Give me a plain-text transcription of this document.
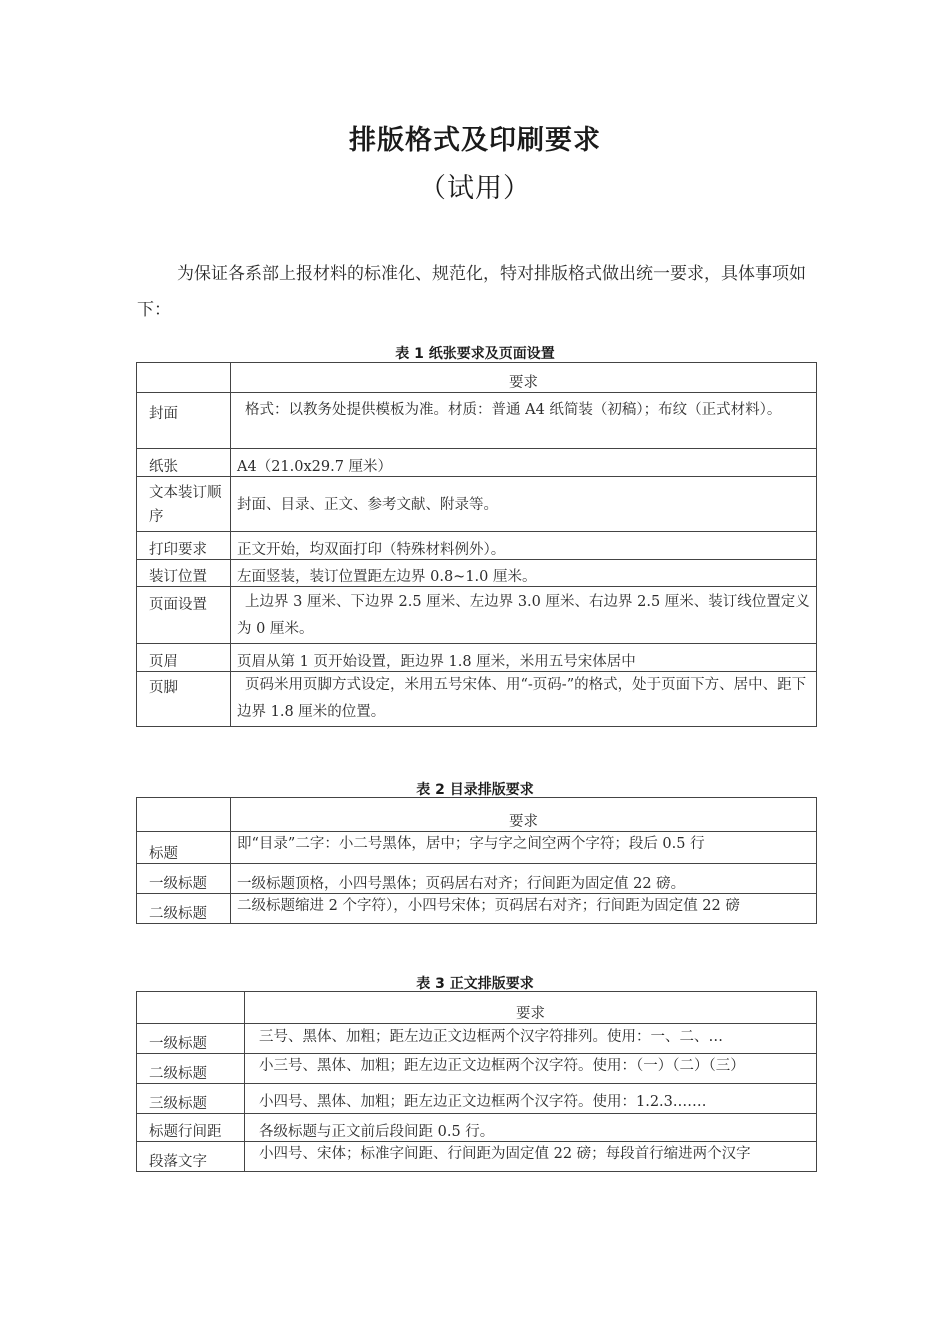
排版格式及印刷要求
（试用）
为保证各系部上报材料的标准化、规范化，特对排版格式做出统一要求，具体事项如下：
表 1 纸张要求及页面设置
	要求
封面	格式：以教务处提供模板为准。材质：普通 A4 纸简装（初稿）；布纹（正式材料）。
纸张	A4（21.0x29.7 厘米）
文本装订顺序	封面、目录、正文、参考文献、附录等。
打印要求	正文开始，均双面打印（特殊材料例外）。
装订位置	左面竖装，装订位置距左边界 0.8~1.0 厘米。
页面设置	上边界 3 厘米、下边界 2.5 厘米、左边界 3.0 厘米、右边界 2.5 厘米、装订线位置定义为 0 厘米。
页眉	页眉从第 1 页开始设置，距边界 1.8 厘米，米用五号宋体居中
页脚	页码米用页脚方式设定，米用五号宋体、用“-页码-”的格式，处于页面下方、居中、距下边界 1.8 厘米的位置。
表 2 目录排版要求
	要求
标题	即“目录”二字：小二号黑体，居中；字与字之间空两个字符；段后 0.5 行

一级标题	一级标题顶格，小四号黑体；页码居右对齐；行间距为固定值 22 磅。
二级标题	二级标题缩进 2 个字符），小四号宋体；页码居右对齐；行间距为固定值 22 磅
表 3 正文排版要求
	要求
一级标题	三号、黑体、加粗；距左边正文边框两个汉字符排列。使用：一、二、…

二级标题	小三号、黑体、加粗；距左边正文边框两个汉字符。使用：（一）（二）（三）

三级标题	小四号、黑体、加粗；距左边正文边框两个汉字符。使用：1.2.3.……
标题行间距	各级标题与正文前后段间距 0.5 行。
段落文字	小四号、宋体；标准字间距、行间距为固定值 22 磅；每段首行缩进两个汉字
